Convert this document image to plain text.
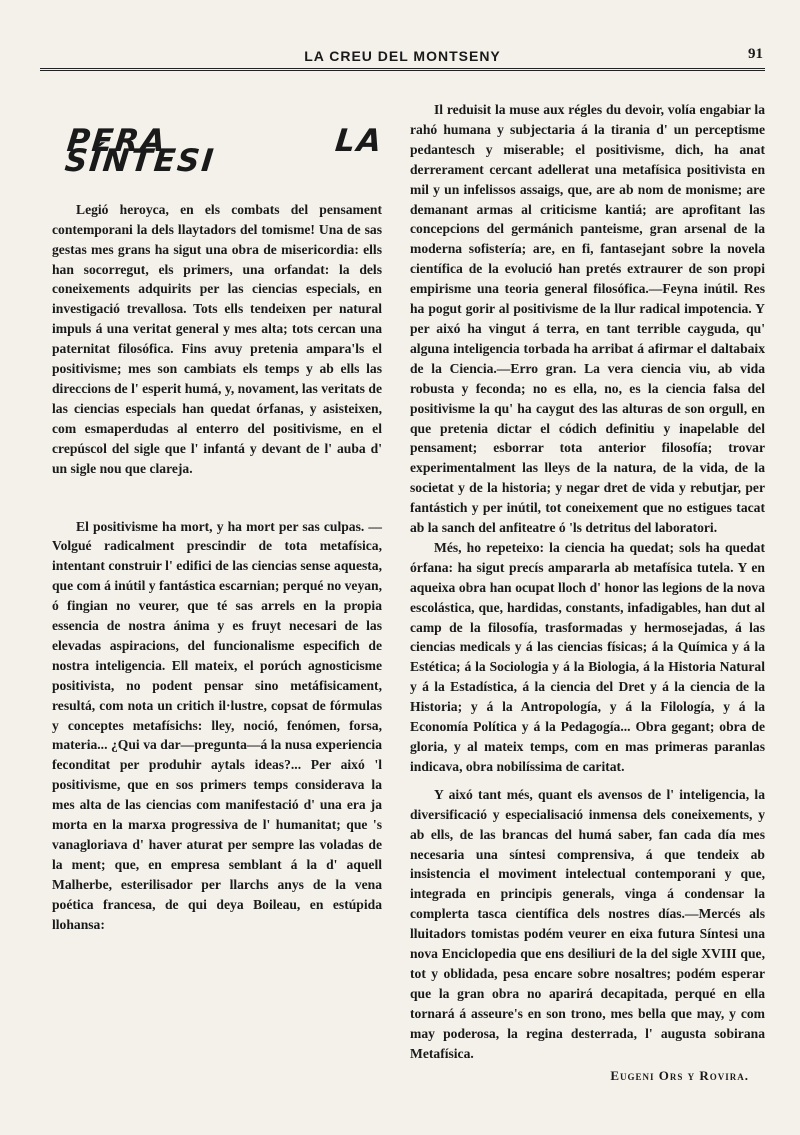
LA CREU DEL MONTSENY	91
PERA LA SÍNTESI

Legió heroyca, en els combats del pensament contemporani la dels llaytadors del tomisme! Una de sas gestas mes grans ha sigut una obra de misericordia: ells han socorregut, els primers, una orfandat: la dels coneixements adquirits per las ciencias especials, en investigació trevallosa. Tots ells tendeixen per natural impuls á una veritat general y mes alta; tots cercan una paternitat filosófica. Fins avuy pretenia ampara'ls el positivisme; mes son cambiats els temps y ab ells las direccions de l' esperit humá, y, novament, las veritats de las ciencias especials han quedat órfanas, y asisteixen, com esmaperdudas al enterro del positivisme, en el crepúscol del sigle que l' infantá y devant de l' auba d' un sigle nou que clareja.

El positivisme ha mort, y ha mort per sas culpas. —Volgué radicalment prescindir de tota metafísica, intentant construir l' edifici de las ciencias sense aquesta, que com á inútil y fantástica escarnian; perqué no veyan, ó fingian no veurer, que té sas arrels en la propia essencia de nostra ánima y es fruyt necesari de las elevadas aspiracions, del funcionalisme especifich de nostra inteligencia. Ell mateix, el porúch agnosticisme positivista, no podent pensar sino metáfisicament, resultá, com nota un critich il·lustre, copsat de fórmulas y conceptes metafísichs: lley, noció, fenómen, forsa, materia... ¿Qui va dar—pregunta—á la nusa experiencia feconditat per produhir aytals ideas?... Per aixó 'l positivisme, que en sos primers temps considerava la mes alta de las ciencias com manifestació d' una era ja morta en la marxa progressiva de l' humanitat; que 's vanagloriava d' haver aturat per sempre las voladas de la ment; que, en empresa semblant á la d' aquell Malherbe, esterilisador per llarchs anys de la vena poética francesa, de qui deya Boileau, en estúpida llohansa:

Il reduisit la muse aux régles du devoir, volía engabiar la rahó humana y subjectaria á la tirania d' un perceptisme pedantesch y miserable; el positivisme, dich, ha anat derrerament cercant adellerat una metafísica positivista en mil y un infelissos assaigs, que, are ab nom de monisme; are demanant armas al criticisme kantiá; are aprofitant las concepcions del germánich panteisme, gran arsenal de la moderna sofistería; are, en fi, fantasejant sobre la novela científica de la evolució han pretés extraurer de son propi empirisme una teoria general filosófica.—Feyna inútil. Res ha pogut gorir al positivisme de la llur radical impotencia. Y per aixó ha vingut á terra, en tant terrible caygudа, qu' alguna inteligencia torbada ha arribat á afirmar el daltabaix de la Ciencia.—Erro gran. La vera ciencia viu, ab vida robusta y feconda; no es ella, no, es la ciencia falsa del positivisme la qu' ha caygut des las alturas de son orgull, en que pretenia dictar el códich definitiu y inapelable del pensament; esborrar tota anterior filosofía; trovar experimentalment las lleys de la natura, de la vida, de la societat y de la historia; y negar dret de vida y rebutjar, per fantástich y per inútil, tot coneixement que no estigues tacat ab la sanch del anfiteatre ó 'ls detritus del laboratori.

Més, ho repeteixo: la ciencia ha quedat; sols ha quedat órfana: ha sigut precís ampararla ab metafísica tutela. Y en aqueixa obra han ocupat lloch d' honor las legions de la nova escolástica, que, hardidas, constants, infadigables, han dut al camp de la filosofía, trasformadas y hermosejadas, á las ciencias medicals y á las ciencias físicas; á la Química y á la Estética; á la Sociologia y á la Biologia, á la Historia Natural y á la Estadística, á la ciencia del Dret y á la ciencia de la Historia; y á la Antropología, y á la Filología, y á la Economía Política y á la Pedagogía... Obra gegant; obra de gloria, y al mateix temps, com en mas primeras paranlas indicava, obra nobilíssima de caritat.

Y aixó tant més, quant els avensos de l' inteligencia, la diversificació y especialisació inmensa dels coneixements, y ab ells, de las brancas del humá saber, fan cada día mes necesaria una síntesi comprensiva, á que tendeix ab insistencia el moviment intelectual contemporani y que, integrada en principis generals, vinga á condensar la complerta tasca científica dels nostres días.—Mercés als lluitadors tomistas podém veurer en eixa futura Síntesi una nova Enciclopedia que ens desiliuri de la del sigle XVIII que, tot y oblidada, pesa encare sobre nosaltres; podém esperar que la gran obra no aparirá decapitada, perqué en ella tornará á asseure's en son trono, mes bella que may, y com may poderosa, la regina desterrada, l' augusta sobirana Metafísica.

Eugeni Ors y Rovira.
